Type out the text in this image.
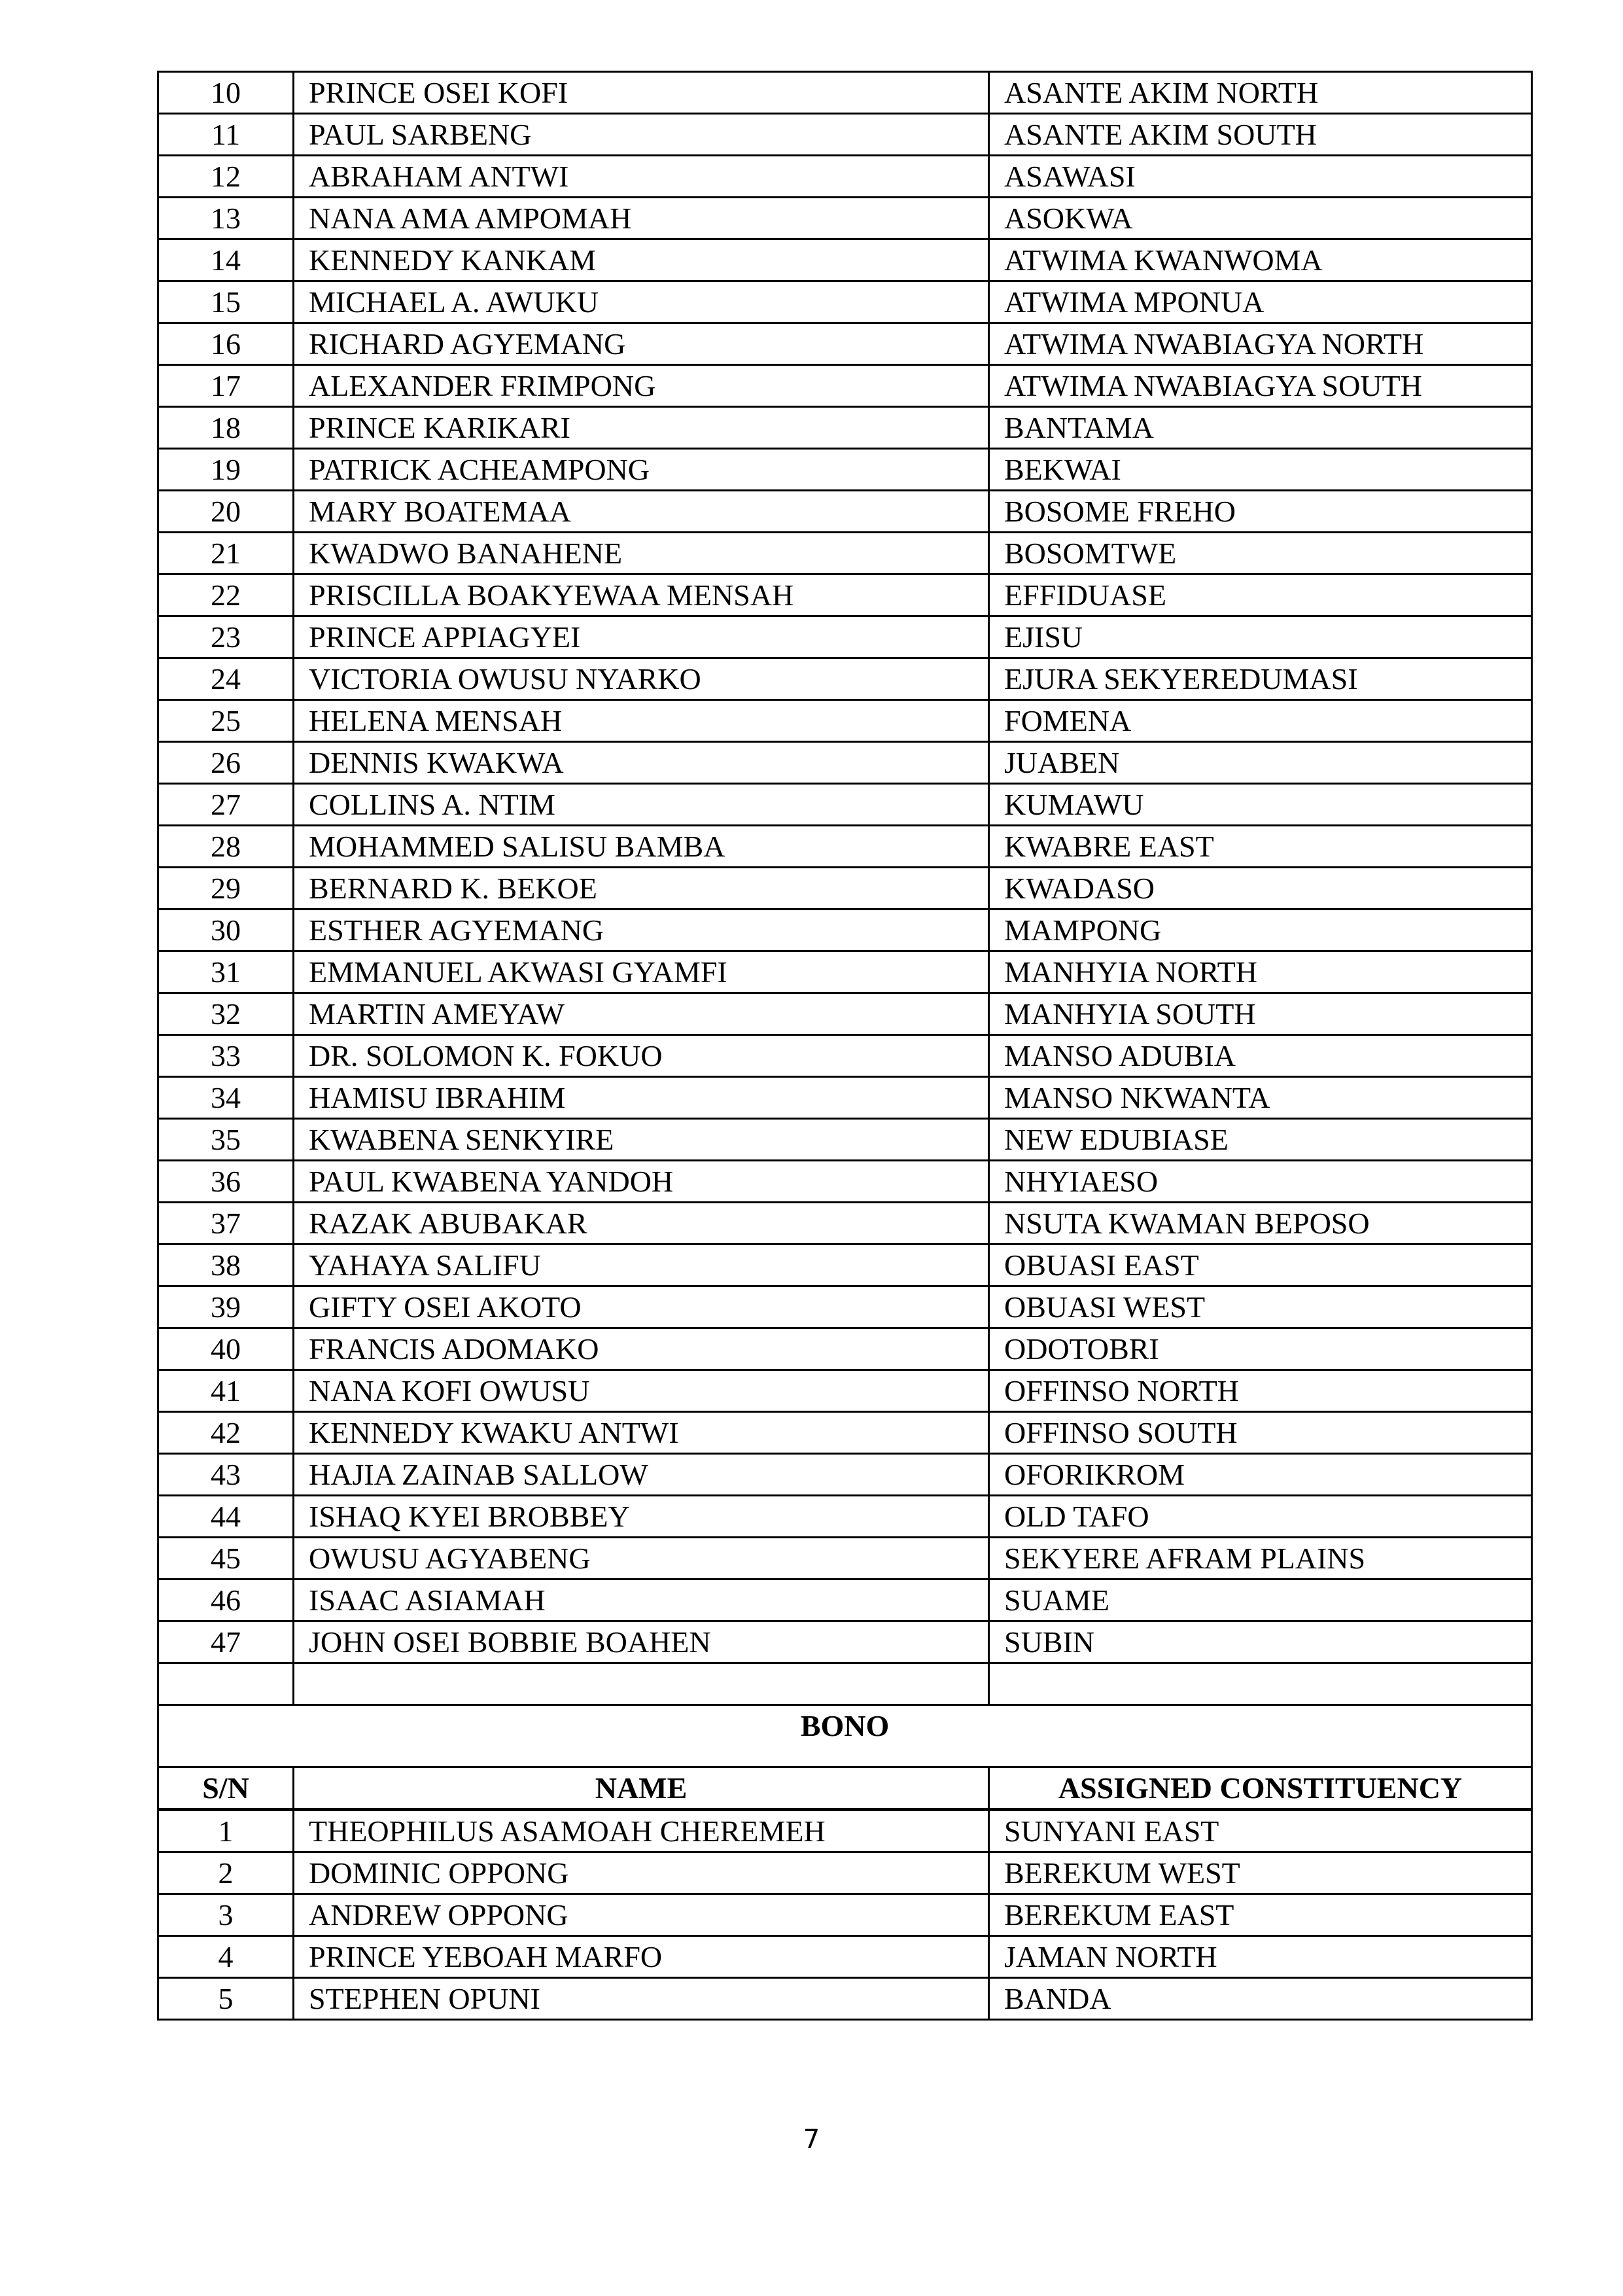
10	PRINCE OSEI KOFI	ASANTE AKIM NORTH
11	PAUL SARBENG	ASANTE AKIM SOUTH
12	ABRAHAM ANTWI	ASAWASI
13	NANA AMA AMPOMAH	ASOKWA
14	KENNEDY KANKAM	ATWIMA KWANWOMA
15	MICHAEL A. AWUKU	ATWIMA MPONUA
16	RICHARD AGYEMANG	ATWIMA NWABIAGYA NORTH
17	ALEXANDER FRIMPONG	ATWIMA NWABIAGYA SOUTH
18	PRINCE KARIKARI	BANTAMA
19	PATRICK ACHEAMPONG	BEKWAI
20	MARY BOATEMAA	BOSOME FREHO
21	KWADWO BANAHENE	BOSOMTWE
22	PRISCILLA BOAKYEWAA MENSAH	EFFIDUASE
23	PRINCE APPIAGYEI	EJISU
24	VICTORIA OWUSU NYARKO	EJURA SEKYEREDUMASI
25	HELENA MENSAH	FOMENA
26	DENNIS KWAKWA	JUABEN
27	COLLINS A. NTIM	KUMAWU
28	MOHAMMED SALISU BAMBA	KWABRE EAST
29	BERNARD K. BEKOE	KWADASO
30	ESTHER AGYEMANG	MAMPONG
31	EMMANUEL AKWASI GYAMFI	MANHYIA NORTH
32	MARTIN AMEYAW	MANHYIA SOUTH
33	DR. SOLOMON K. FOKUO	MANSO ADUBIA
34	HAMISU IBRAHIM	MANSO NKWANTA
35	KWABENA SENKYIRE	NEW EDUBIASE
36	PAUL KWABENA YANDOH	NHYIAESO
37	RAZAK ABUBAKAR	NSUTA KWAMAN BEPOSO
38	YAHAYA SALIFU	OBUASI EAST
39	GIFTY OSEI AKOTO	OBUASI WEST
40	FRANCIS ADOMAKO	ODOTOBRI
41	NANA KOFI OWUSU	OFFINSO NORTH
42	KENNEDY KWAKU ANTWI	OFFINSO SOUTH
43	HAJIA ZAINAB SALLOW	OFORIKROM
44	ISHAQ KYEI BROBBEY	OLD TAFO
45	OWUSU AGYABENG	SEKYERE AFRAM PLAINS
46	ISAAC ASIAMAH	SUAME
47	JOHN OSEI BOBBIE BOAHEN	SUBIN

BONO		
S/N	NAME	ASSIGNED CONSTITUENCY
1	THEOPHILUS ASAMOAH CHEREMEH	SUNYANI EAST
2	DOMINIC OPPONG	BEREKUM WEST
3	ANDREW OPPONG	BEREKUM EAST
4	PRINCE YEBOAH MARFO	JAMAN NORTH
5	STEPHEN OPUNI	BANDA
7
